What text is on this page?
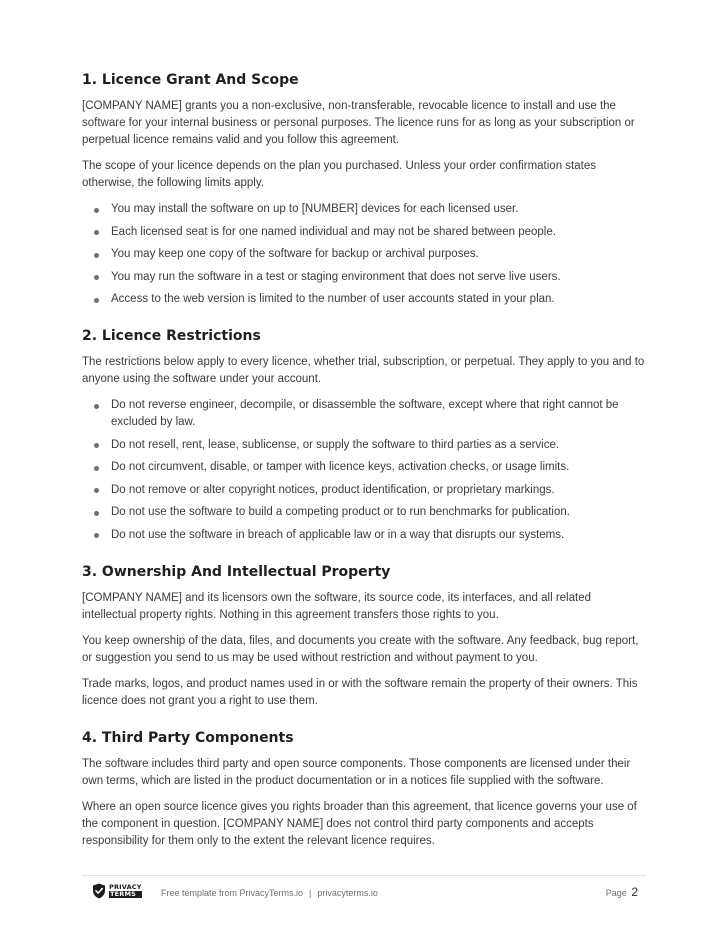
1. Licence Grant And Scope

[COMPANY NAME] grants you a non-exclusive, non-transferable, revocable licence to install and use the software for your internal business or personal purposes. The licence runs for as long as your subscription or perpetual licence remains valid and you follow this agreement.

The scope of your licence depends on the plan you purchased. Unless your order confirmation states otherwise, the following limits apply.

You may install the software on up to [NUMBER] devices for each licensed user.
Each licensed seat is for one named individual and may not be shared between people.
You may keep one copy of the software for backup or archival purposes.
You may run the software in a test or staging environment that does not serve live users.
Access to the web version is limited to the number of user accounts stated in your plan.
2. Licence Restrictions

The restrictions below apply to every licence, whether trial, subscription, or perpetual. They apply to you and to anyone using the software under your account.

Do not reverse engineer, decompile, or disassemble the software, except where that right cannot be excluded by law.
Do not resell, rent, lease, sublicense, or supply the software to third parties as a service.
Do not circumvent, disable, or tamper with licence keys, activation checks, or usage limits.
Do not remove or alter copyright notices, product identification, or proprietary markings.
Do not use the software to build a competing product or to run benchmarks for publication.
Do not use the software in breach of applicable law or in a way that disrupts our systems.
3. Ownership And Intellectual Property

[COMPANY NAME] and its licensors own the software, its source code, its interfaces, and all related intellectual property rights. Nothing in this agreement transfers those rights to you.

You keep ownership of the data, files, and documents you create with the software. Any feedback, bug report, or suggestion you send to us may be used without restriction and without payment to you.

Trade marks, logos, and product names used in or with the software remain the property of their owners. This licence does not grant you a right to use them.

4. Third Party Components

The software includes third party and open source components. Those components are licensed under their own terms, which are listed in the product documentation or in a notices file supplied with the software.

Where an open source licence gives you rights broader than this agreement, that licence governs your use of the component in question. [COMPANY NAME] does not control third party components and accepts responsibility for them only to the extent the relevant licence requires.

PRIVACY
TERMS	Free template from PrivacyTerms.io | privacyterms.io	Page 2
